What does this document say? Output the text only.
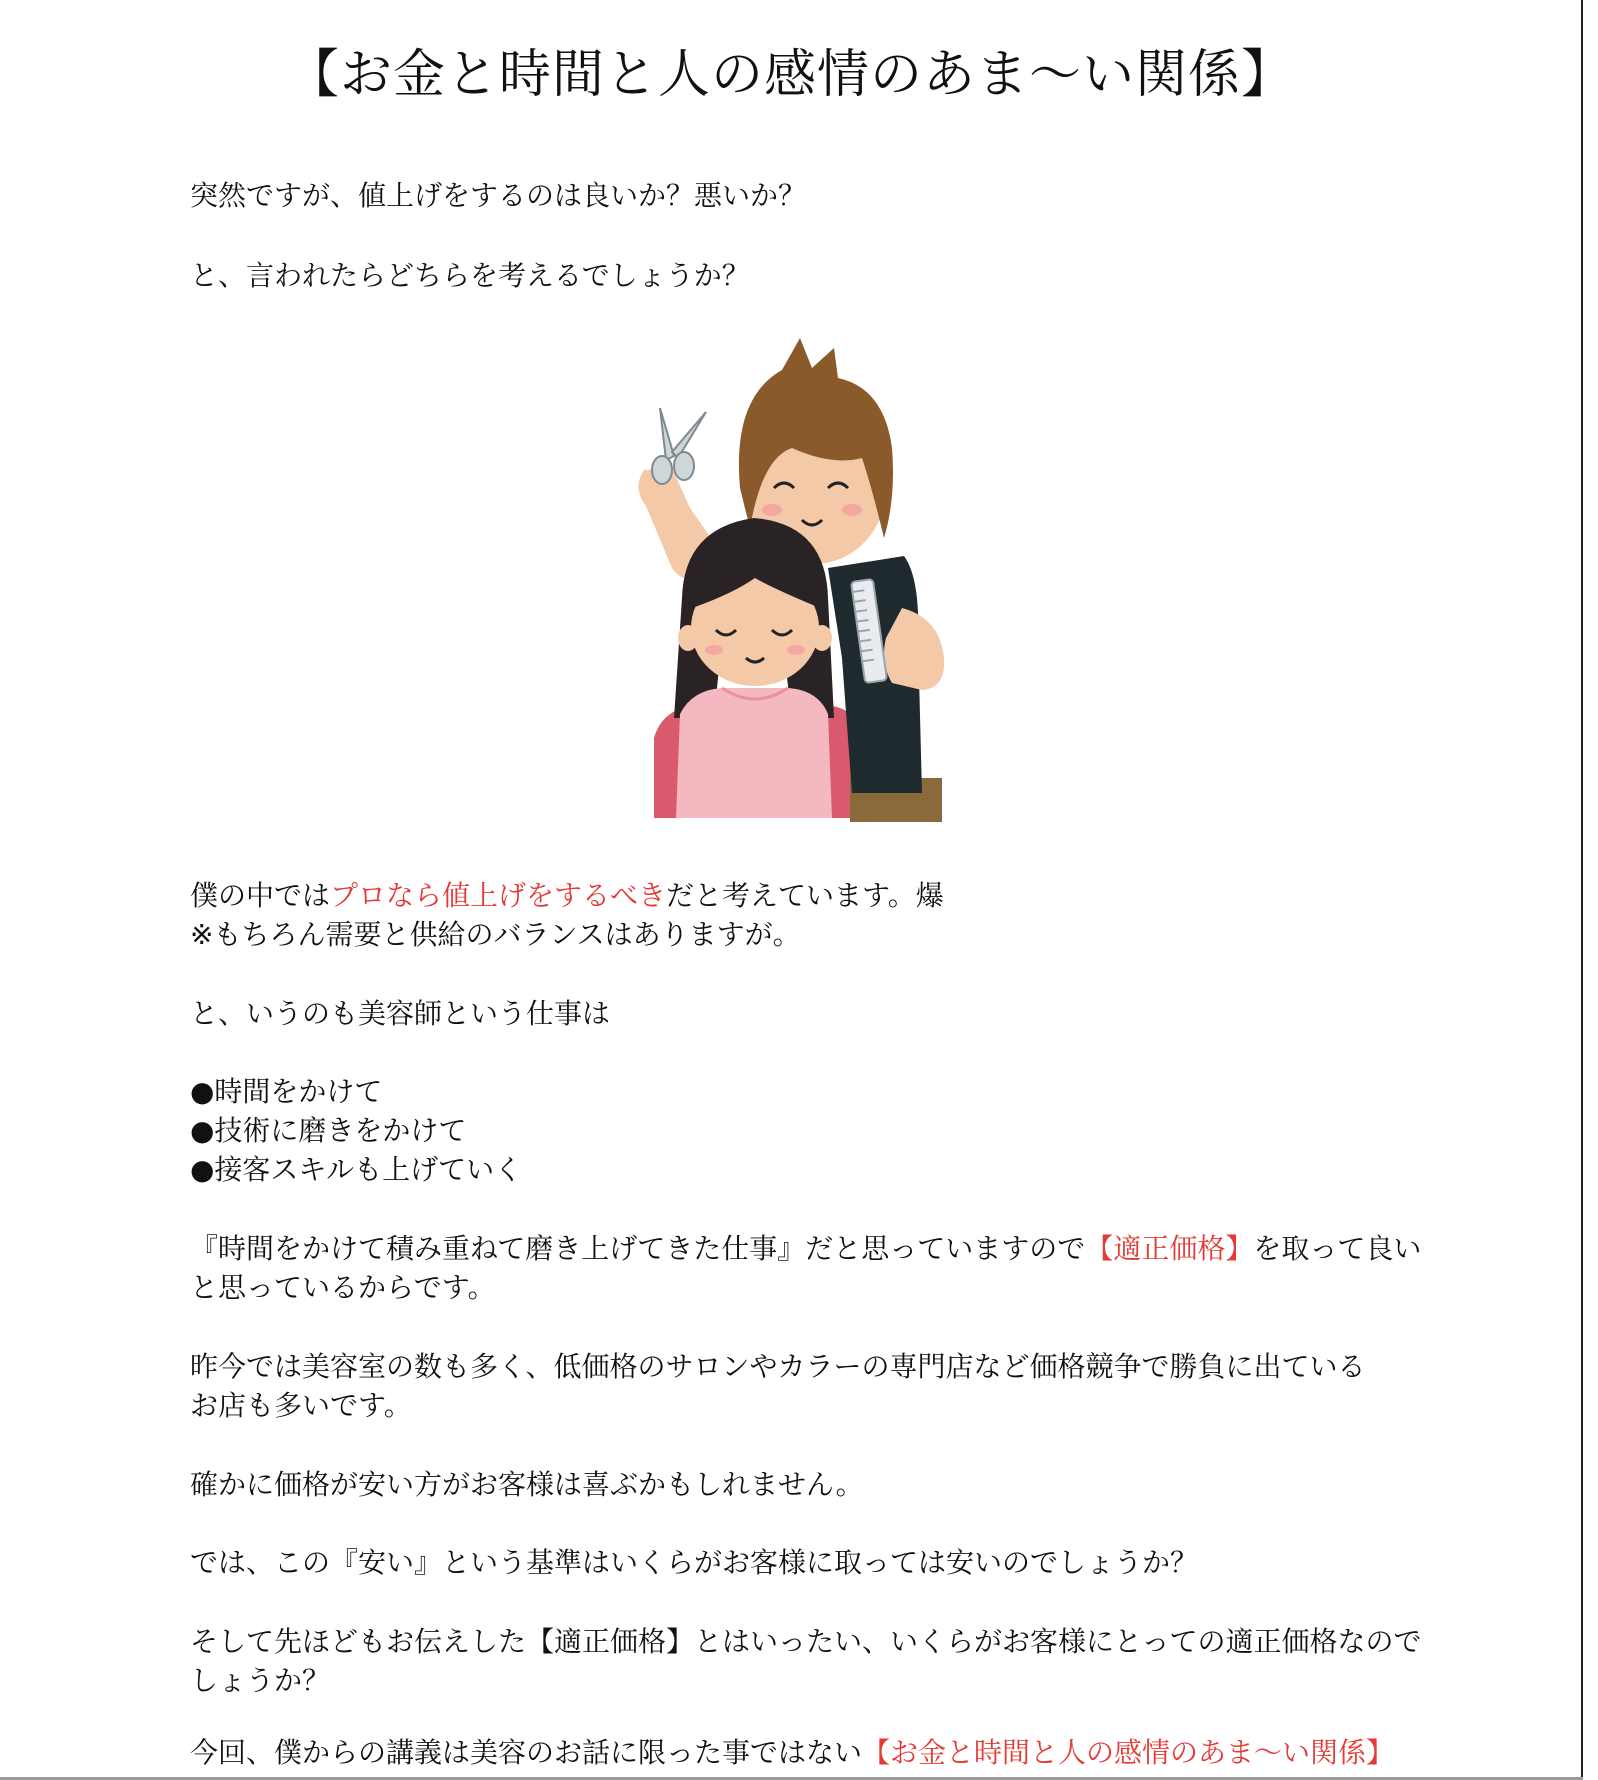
【お金と時間と人の感情のあま〜い関係】

突然ですが、値上げをするのは良いか？悪いか？

と、言われたらどちらを考えるでしょうか？

僕の中ではプロなら値上げをするべきだと考えています。爆

※もちろん需要と供給のバランスはありますが。

と、いうのも美容師という仕事は

●時間をかけて

●技術に磨きをかけて

●接客スキルも上げていく

『時間をかけて積み重ねて磨き上げてきた仕事』だと思っていますので【適正価格】を取って良い

と思っているからです。

昨今では美容室の数も多く、低価格のサロンやカラーの専門店など価格競争で勝負に出ている

お店も多いです。

確かに価格が安い方がお客様は喜ぶかもしれません。

では、この『安い』という基準はいくらがお客様に取っては安いのでしょうか？

そして先ほどもお伝えした【適正価格】とはいったい、いくらがお客様にとっての適正価格なので

しょうか？

今回、僕からの講義は美容のお話に限った事ではない【お金と時間と人の感情のあま〜い関係】
